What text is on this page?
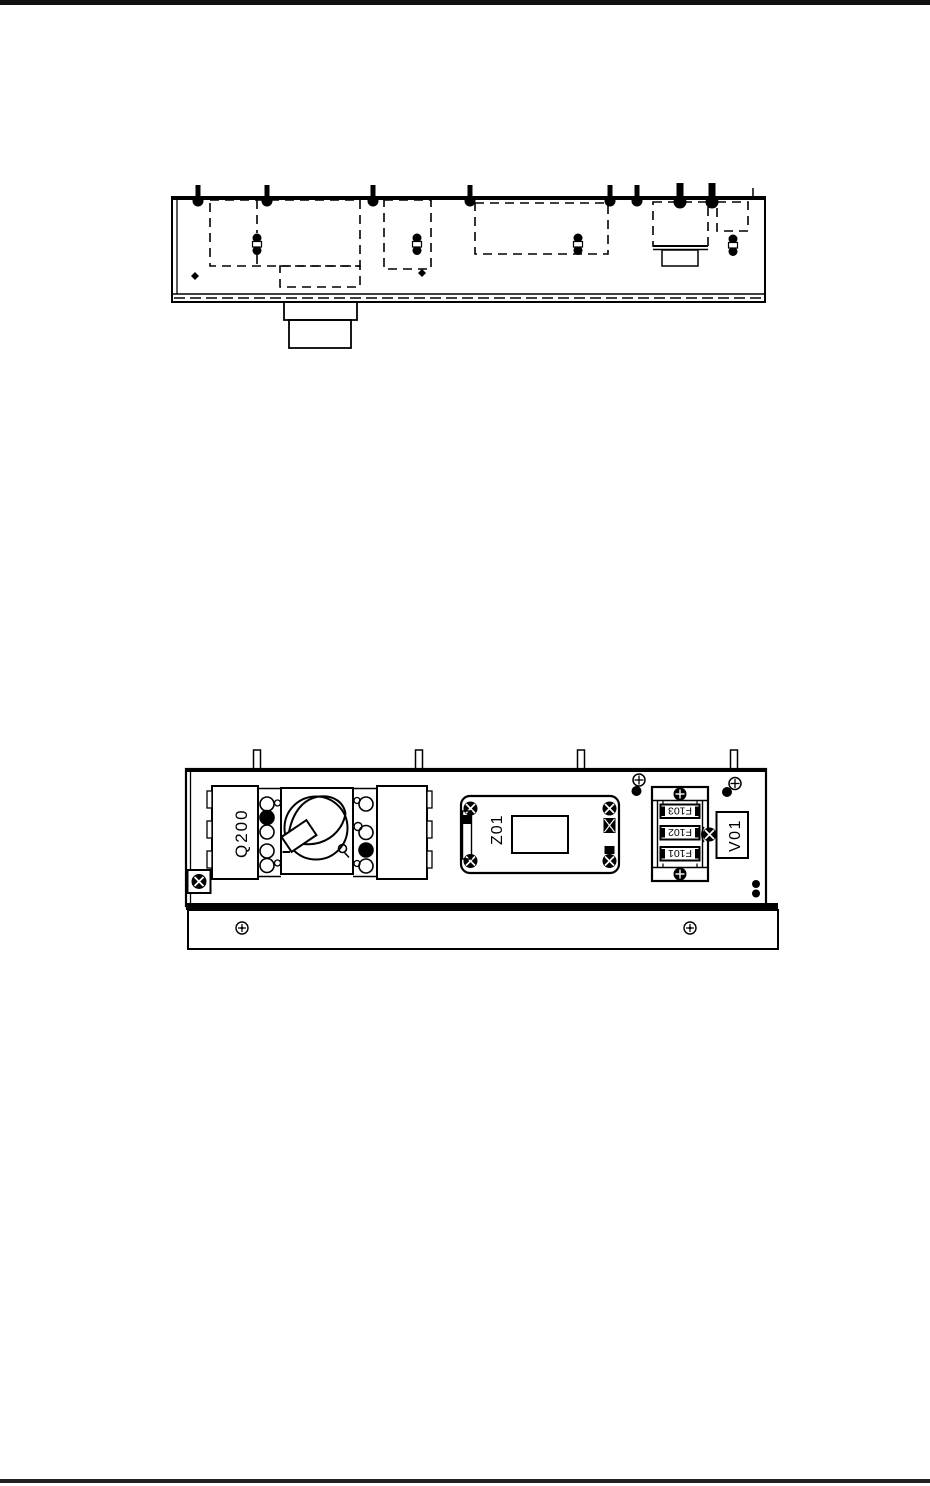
Q200	Z01
F103
F102
F101
V01
